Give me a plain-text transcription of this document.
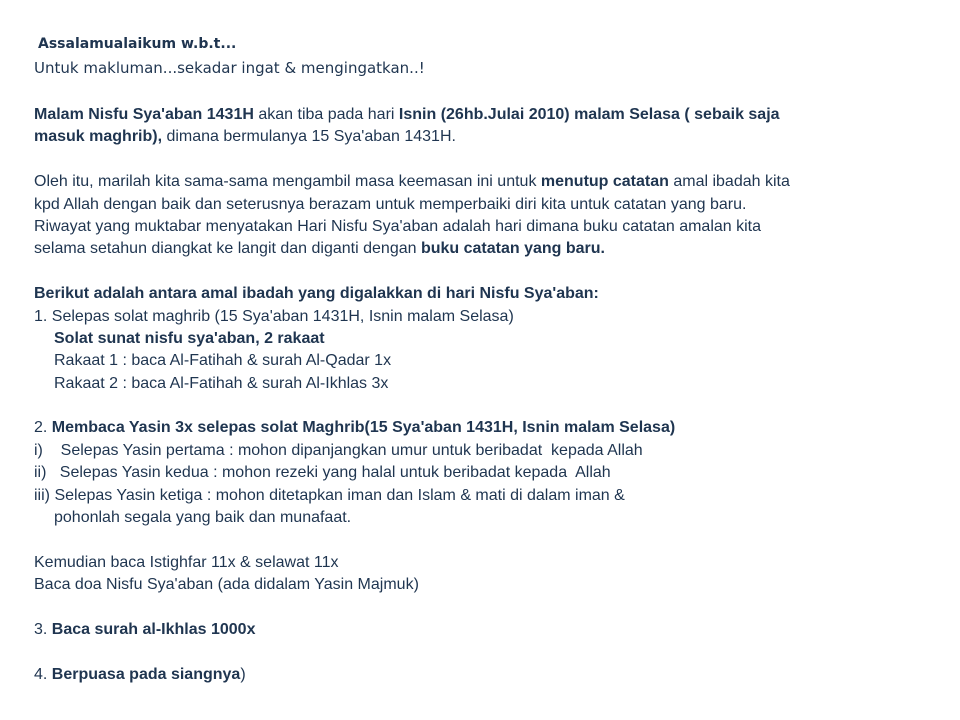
Assalamualaikum w.b.t...
Untuk makluman...sekadar ingat & mengingatkan..!
Malam Nisfu Sya'aban 1431H akan tiba pada hari Isnin (26hb.Julai 2010) malam Selasa ( sebaik saja
masuk maghrib), dimana bermulanya 15 Sya'aban 1431H.
Oleh itu, marilah kita sama-sama mengambil masa keemasan ini untuk menutup catatan amal ibadah kita
kpd Allah dengan baik dan seterusnya berazam untuk memperbaiki diri kita untuk catatan yang baru.
Riwayat yang muktabar menyatakan Hari Nisfu Sya'aban adalah hari dimana buku catatan amalan kita
selama setahun diangkat ke langit dan diganti dengan buku catatan yang baru.
Berikut adalah antara amal ibadah yang digalakkan di hari Nisfu Sya'aban:
1. Selepas solat maghrib (15 Sya'aban 1431H, Isnin malam Selasa)
Solat sunat nisfu sya'aban, 2 rakaat
Rakaat 1 : baca Al-Fatihah & surah Al-Qadar 1x
Rakaat 2 : baca Al-Fatihah & surah Al-Ikhlas 3x
2. Membaca Yasin 3x selepas solat Maghrib(15 Sya'aban 1431H, Isnin malam Selasa)
i)    Selepas Yasin pertama : mohon dipanjangkan umur untuk beribadat  kepada Allah
ii)   Selepas Yasin kedua : mohon rezeki yang halal untuk beribadat kepada  Allah
iii) Selepas Yasin ketiga : mohon ditetapkan iman dan Islam & mati di dalam iman &
pohonlah segala yang baik dan munafaat.
Kemudian baca Istighfar 11x & selawat 11x
Baca doa Nisfu Sya'aban (ada didalam Yasin Majmuk)
3. Baca surah al-Ikhlas 1000x
4. Berpuasa pada siangnya)
